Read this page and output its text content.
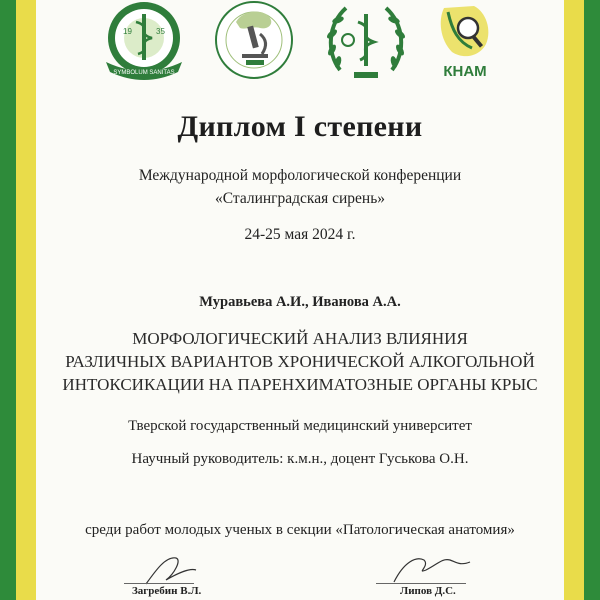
19	35
SYMBOLUM SANITAS	КНАМ
Диплом I степени
Международной морфологической конференции
«Сталинградская сирень»
24-25 мая 2024 г.
Муравьева А.И., Иванова А.А.
МОРФОЛОГИЧЕСКИЙ АНАЛИЗ ВЛИЯНИЯ
РАЗЛИЧНЫХ ВАРИАНТОВ ХРОНИЧЕСКОЙ АЛКОГОЛЬНОЙ
ИНТОКСИКАЦИИ НА ПАРЕНХИМАТОЗНЫЕ ОРГАНЫ КРЫС
Тверской государственный медицинский университет
Научный руководитель: к.м.н., доцент Гуськова О.Н.
среди работ молодых ученых в секции «Патологическая анатомия»
Загребин В.Л.	Липов Д.С.
